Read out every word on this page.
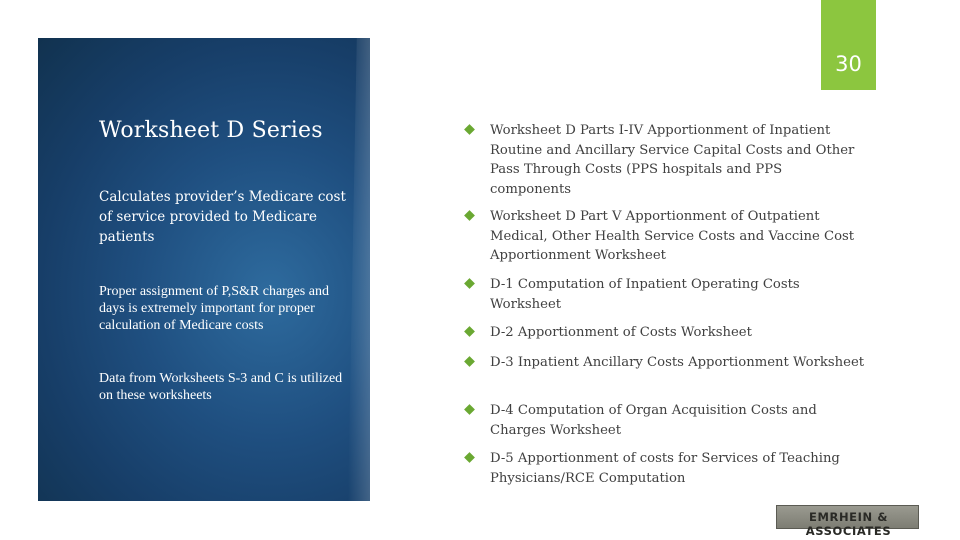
Worksheet D Series
Calculates provider’s Medicare cost of service provided to Medicare patients
Proper assignment of P,S&R charges and days is extremely important for proper calculation of Medicare costs
Data from Worksheets S-3 and C is utilized on these worksheets
30
Worksheet D Parts I-IV Apportionment of Inpatient Routine and Ancillary Service Capital Costs and Other Pass Through Costs (PPS hospitals and PPS components
Worksheet D Part V Apportionment of Outpatient Medical, Other Health Service Costs and Vaccine Cost Apportionment Worksheet
D-1 Computation of Inpatient Operating Costs Worksheet
D-2 Apportionment of Costs Worksheet
D-3 Inpatient Ancillary Costs Apportionment Worksheet
D-4 Computation of Organ Acquisition Costs and Charges Worksheet
D-5 Apportionment of costs for Services of Teaching Physicians/RCE Computation
EMRHEIN & ASSOCIATES
